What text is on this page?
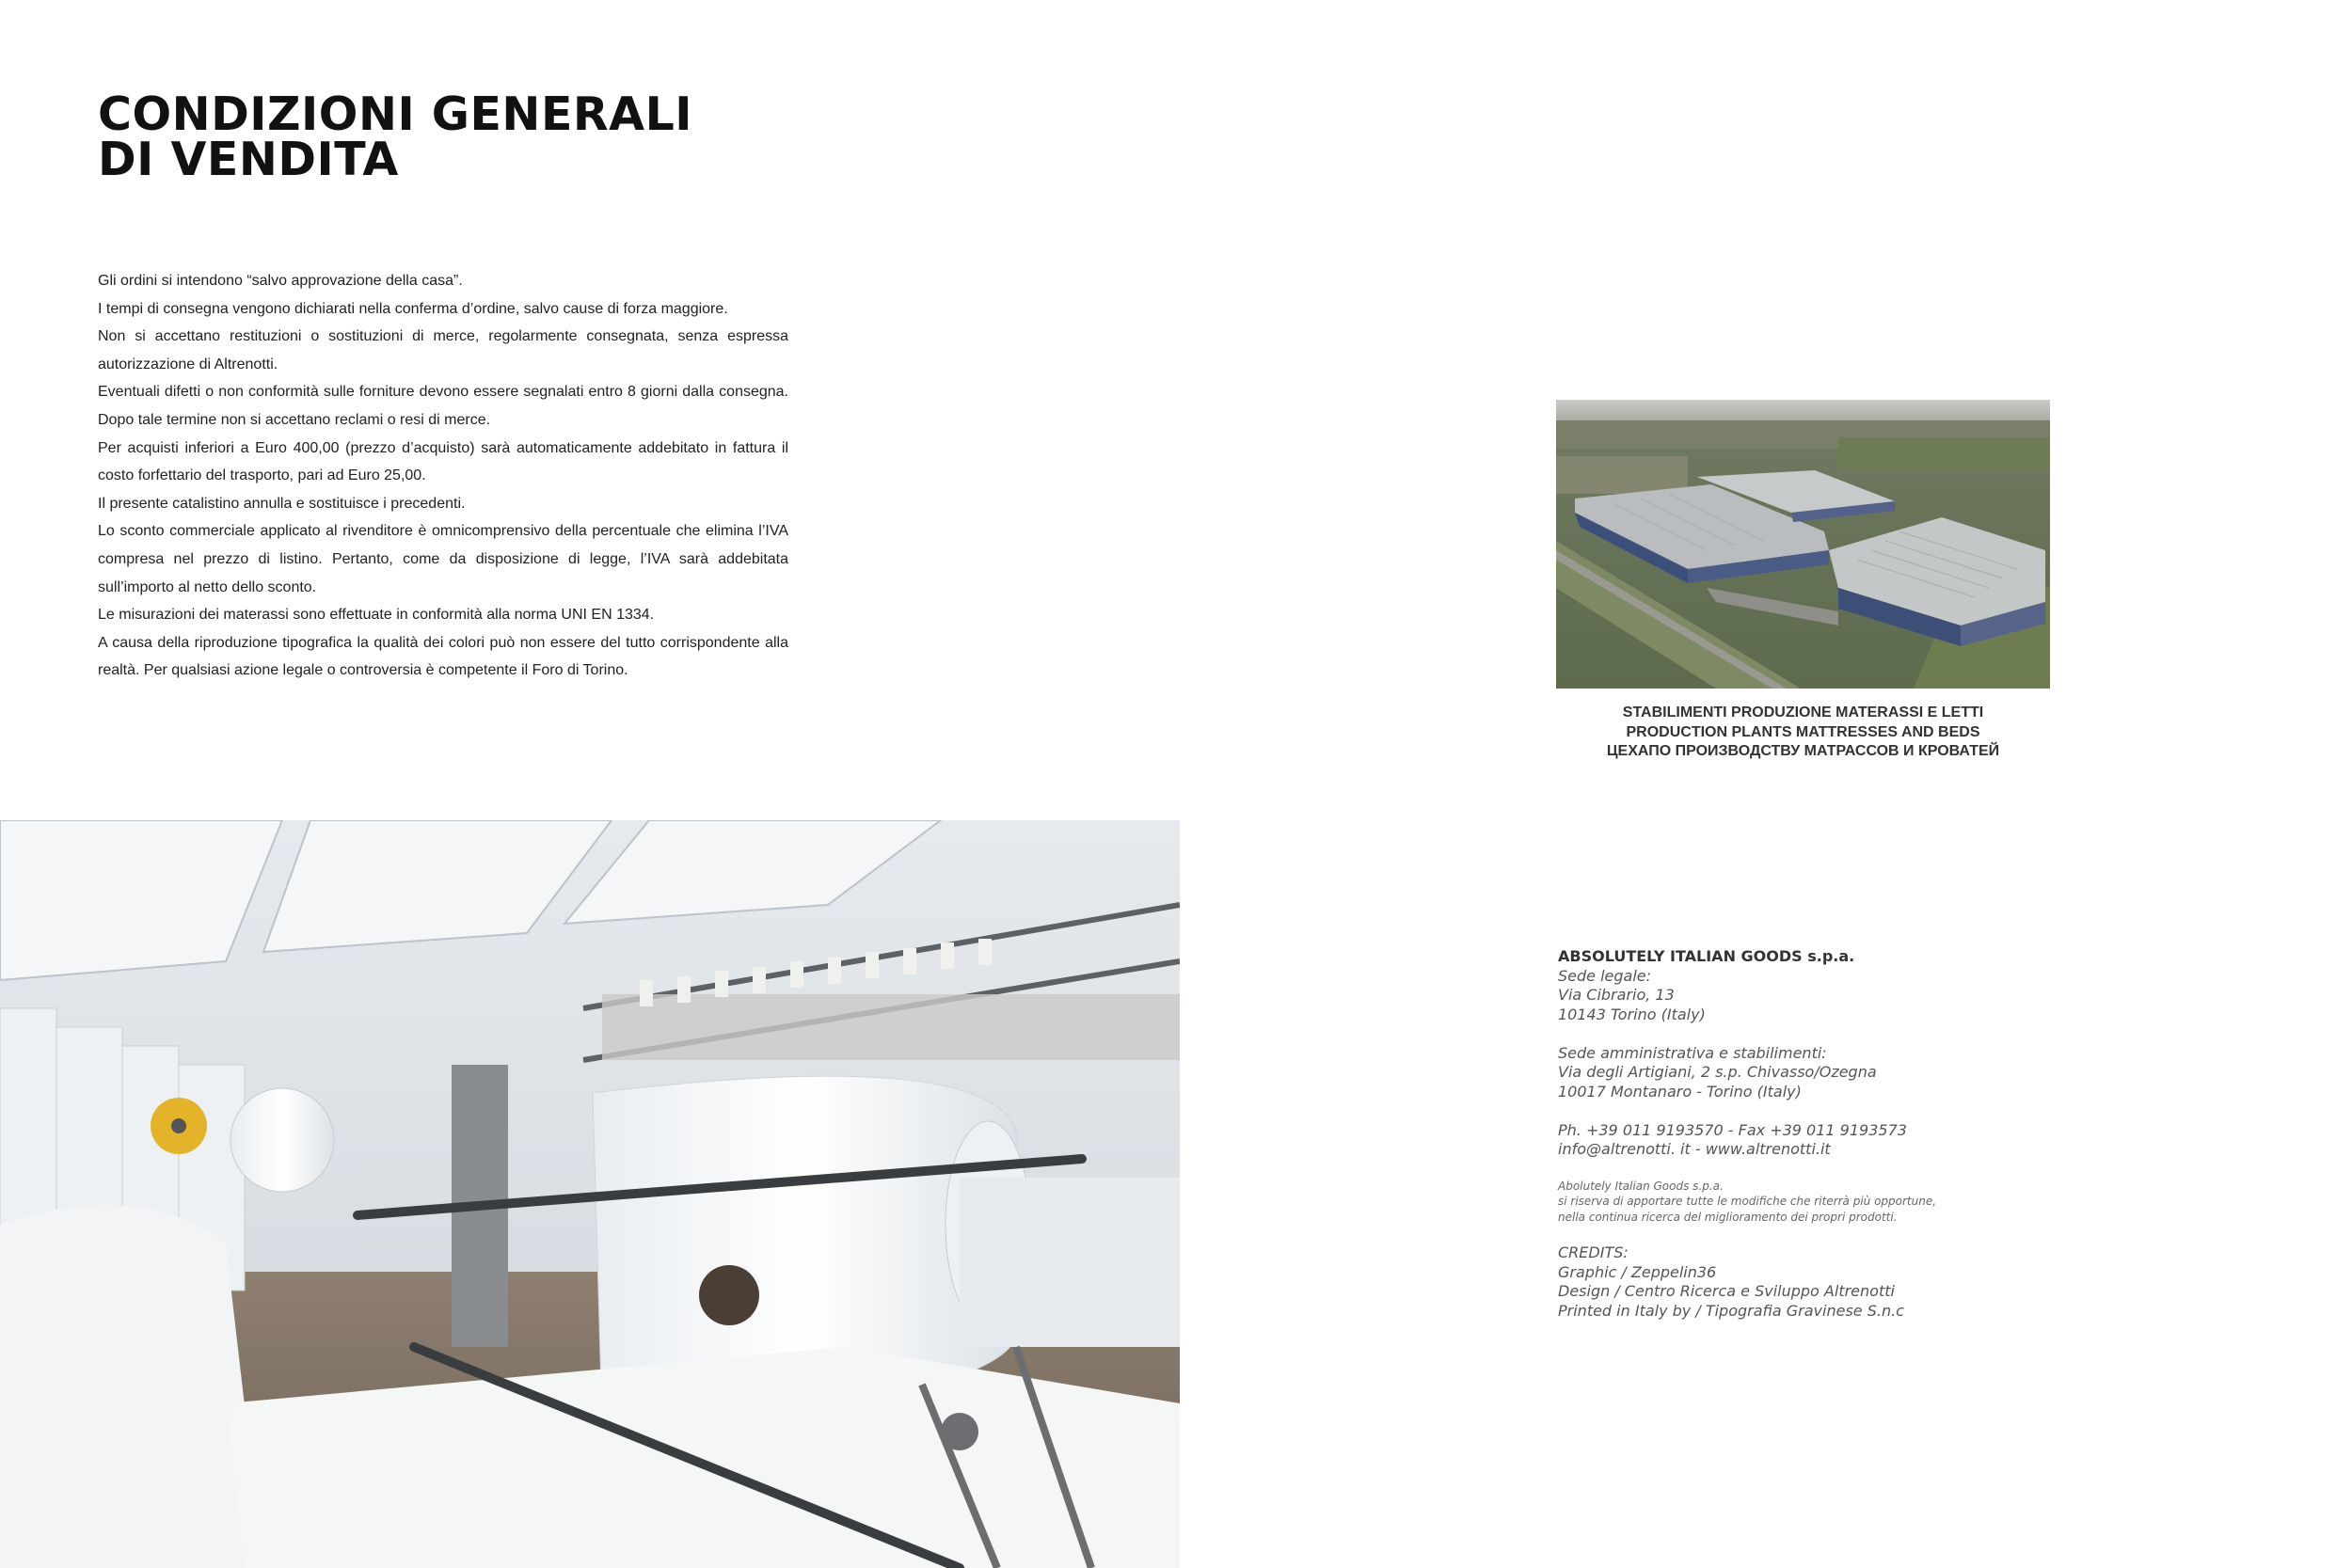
CONDIZIONI GENERALI
DI VENDITA

Gli ordini si intendono “salvo approvazione della casa”.

I tempi di consegna vengono dichiarati nella conferma d’ordine, salvo cause di forza maggiore.

Non si accettano restituzioni o sostituzioni di merce, regolarmente consegnata, senza espressa autorizzazione di Altrenotti.

Eventuali difetti o non conformità sulle forniture devono essere segnalati entro 8 giorni dalla consegna. Dopo tale termine non si accettano reclami o resi di merce.

Per acquisti inferiori a Euro 400,00 (prezzo d’acquisto) sarà automaticamente addebitato in fattura il costo forfettario del trasporto, pari ad Euro 25,00.

Il presente catalistino annulla e sostituisce i precedenti.

Lo sconto commerciale applicato al rivenditore è omnicomprensivo della percentuale che elimina l’IVA compresa nel prezzo di listino. Pertanto, come da disposizione di legge, l’IVA sarà addebitata sull’importo al netto dello sconto.

Le misurazioni dei materassi sono effettuate in conformità alla norma UNI EN 1334.

A causa della riproduzione tipografica la qualità dei colori può non essere del tutto corrispondente alla realtà. Per qualsiasi azione legale o controversia è competente il Foro di Torino.

STABILIMENTI PRODUZIONE MATERASSI E LETTI
PRODUCTION PLANTS MATTRESSES AND BEDS
ЦЕХАПО ПРОИЗВОДСТВУ МАТРАССОВ И КРОВАТЕЙ
ABSOLUTELY ITALIAN GOODS s.p.a.
Sede legale:
Via Cibrario, 13
10143 Torino (Italy)
Sede amministrativa e stabilimenti:
Via degli Artigiani, 2 s.p. Chivasso/Ozegna
10017 Montanaro - Torino (Italy)
Ph. +39 011 9193570 - Fax +39 011 9193573
info@altrenotti. it - www.altrenotti.it
Abolutely Italian Goods s.p.a.
si riserva di apportare tutte le modifiche che riterrà più opportune,
nella continua ricerca del miglioramento dei propri prodotti.
CREDITS:
Graphic / Zeppelin36
Design / Centro Ricerca e Sviluppo Altrenotti
Printed in Italy by / Tipografia Gravinese S.n.c
